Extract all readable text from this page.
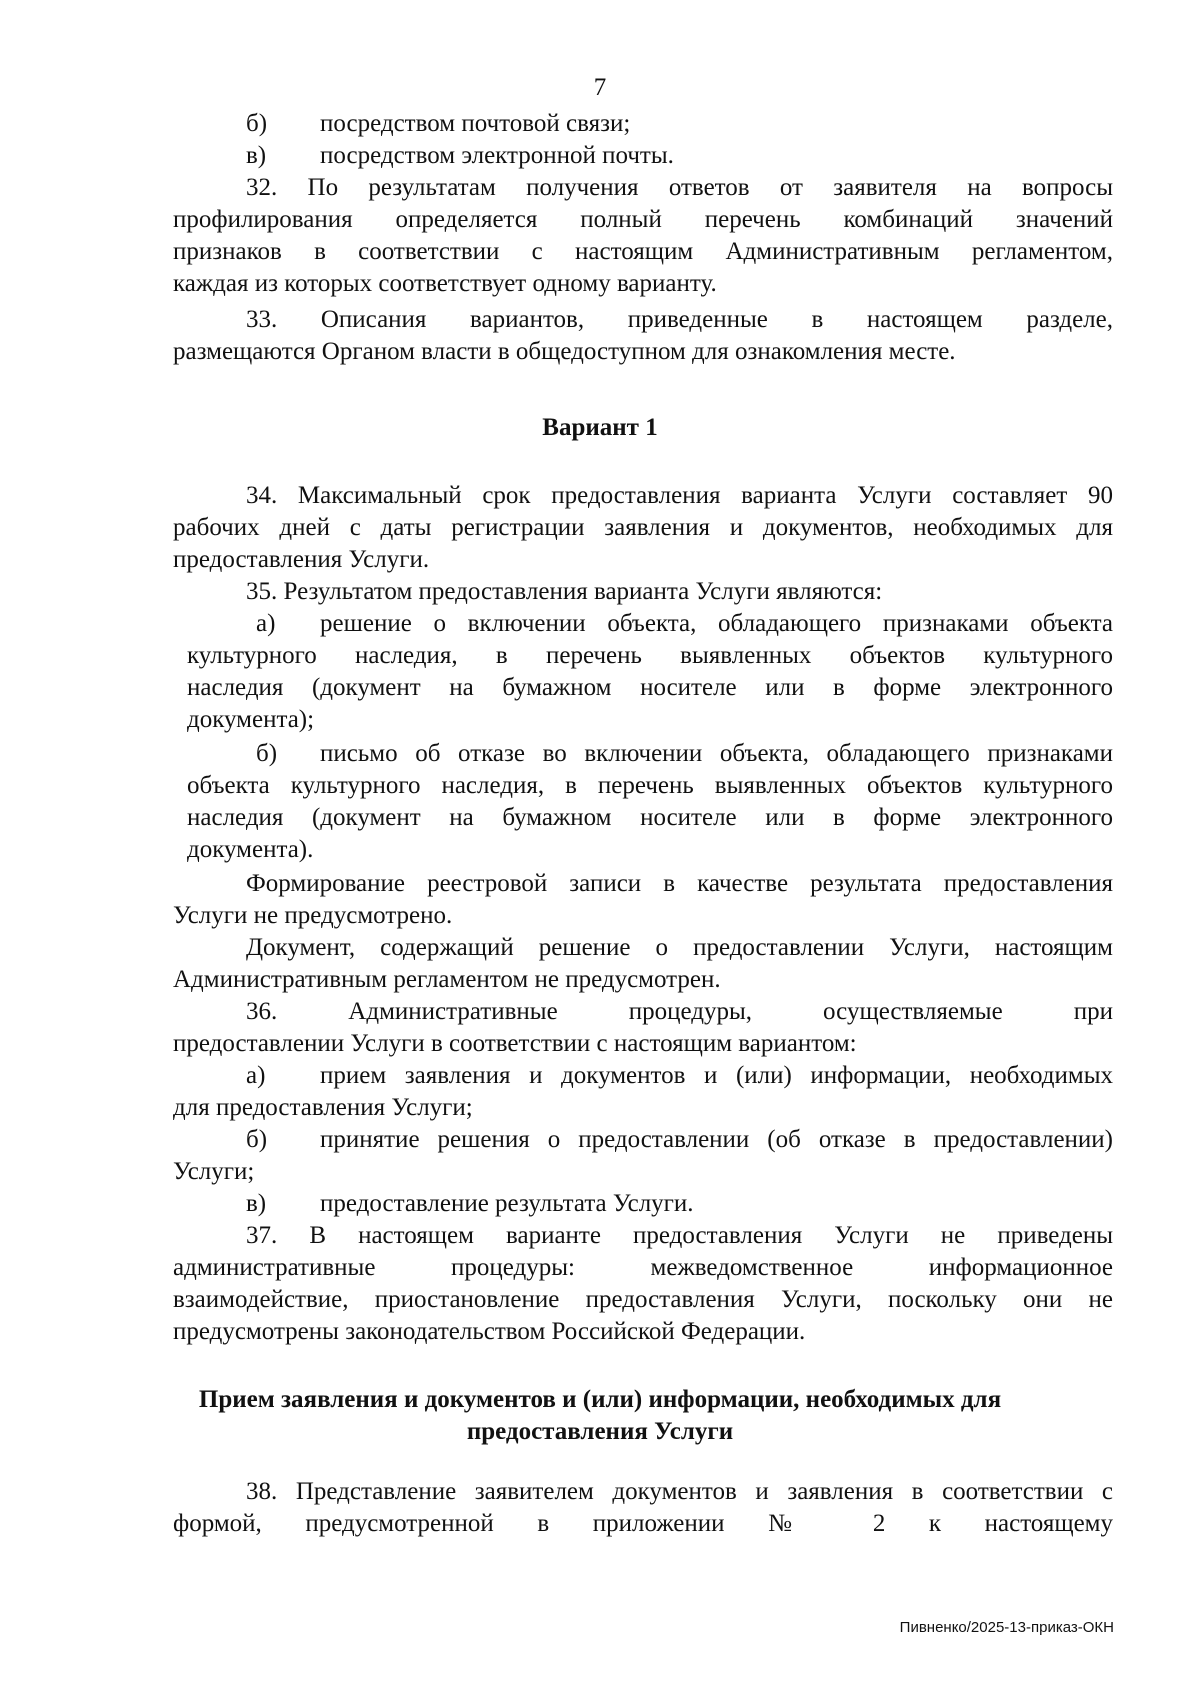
7
б) посредством почтовой связи;
в) посредством электронной почты.
32. По результатам получения ответов от заявителя на вопросы
профилирования определяется полный перечень комбинаций значений
признаков в соответствии с настоящим Административным регламентом,
каждая из которых соответствует одному варианту.
33. Описания вариантов, приведенные в настоящем разделе,
размещаются Органом власти в общедоступном для ознакомления месте.
Вариант 1
34. Максимальный срок предоставления варианта Услуги составляет 90
рабочих дней с даты регистрации заявления и документов, необходимых для
предоставления Услуги.
35. Результатом предоставления варианта Услуги являются:
а)	решение о включении объекта, обладающего признаками объекта
культурного наследия, в перечень выявленных объектов культурного
наследия (документ на бумажном носителе или в форме электронного
документа);
б)	письмо об отказе во включении объекта, обладающего признаками
объекта культурного наследия, в перечень выявленных объектов культурного
наследия (документ на бумажном носителе или в форме электронного
документа).
Формирование реестровой записи в качестве результата предоставления
Услуги не предусмотрено.
Документ, содержащий решение о предоставлении Услуги, настоящим
Административным регламентом не предусмотрен.
36. Административные процедуры, осуществляемые при
предоставлении Услуги в соответствии с настоящим вариантом:
а)	прием заявления и документов и (или) информации, необходимых
для предоставления Услуги;
б)	принятие решения о предоставлении (об отказе в предоставлении)
Услуги;
в) предоставление результата Услуги.
37. В настоящем варианте предоставления Услуги не приведены
административные процедуры: межведомственное информационное
взаимодействие, приостановление предоставления Услуги, поскольку они не
предусмотрены законодательством Российской Федерации.
Прием заявления и документов и (или) информации, необходимых для
предоставления Услуги
38. Представление заявителем документов и заявления в соответствии с
формой, предусмотренной в приложении № 2 к настоящему
Пивненко/2025-13-приказ-ОКН
